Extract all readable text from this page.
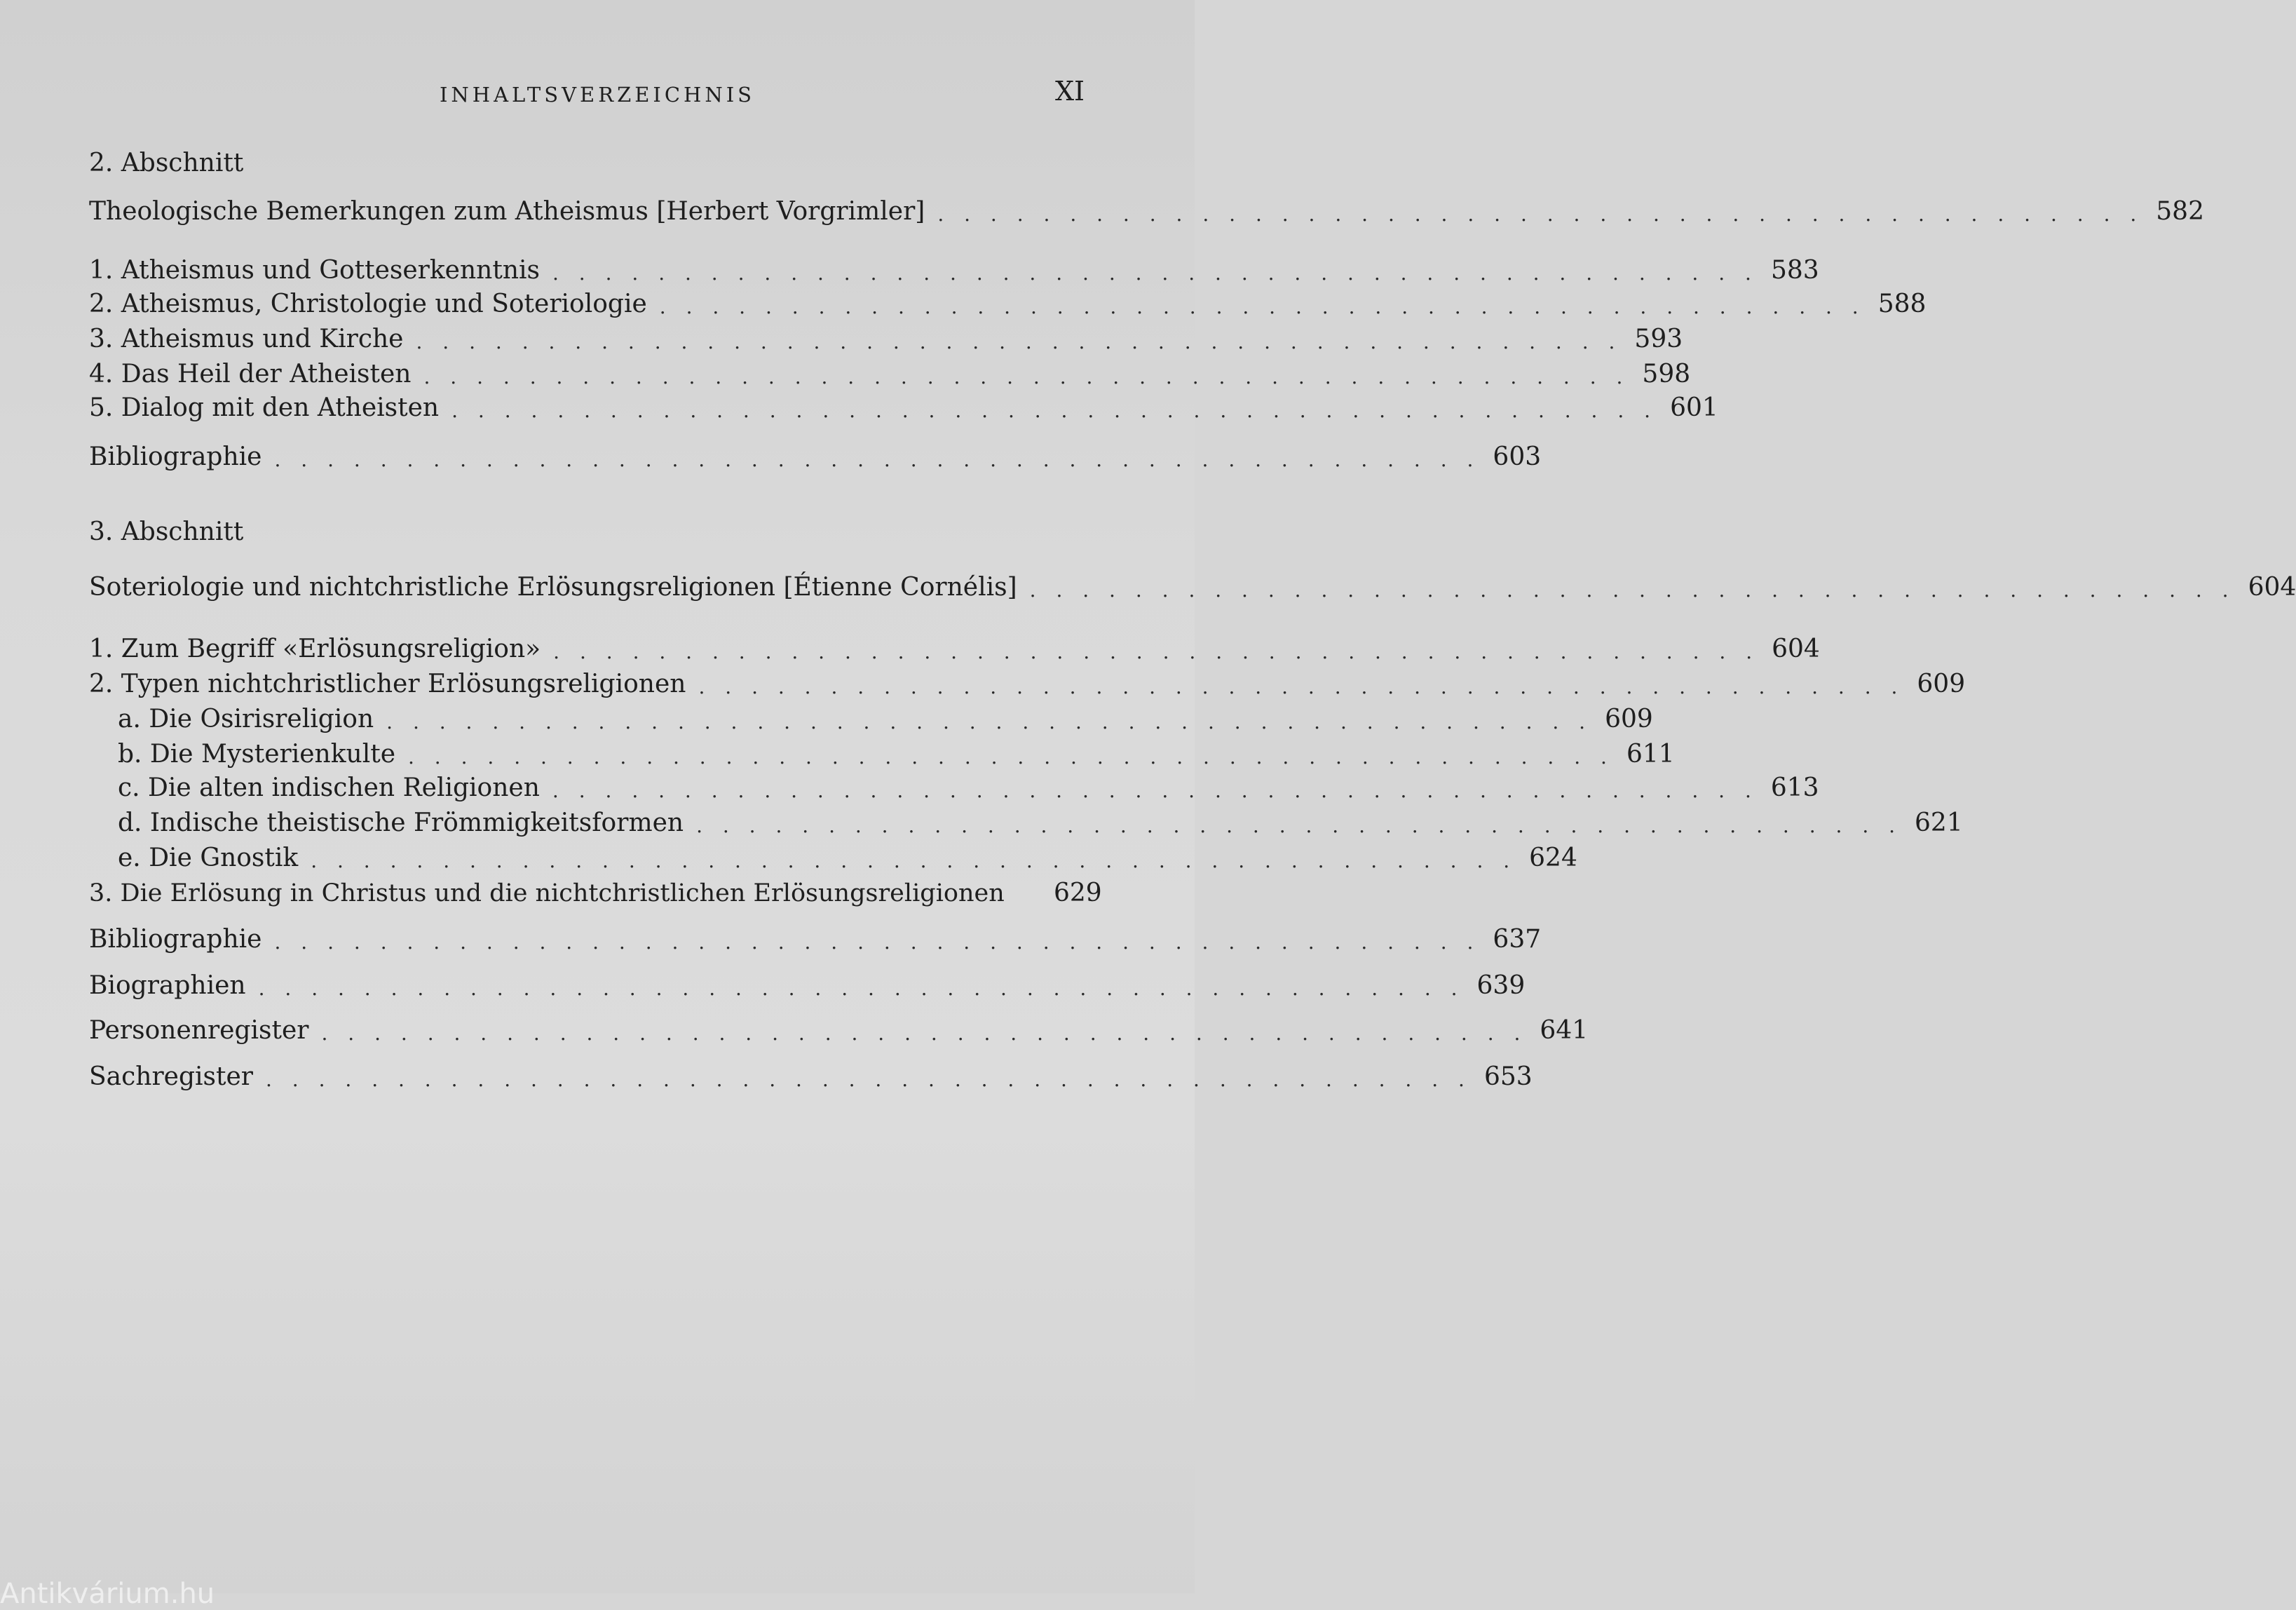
INHALTSVERZEICHNIS	XI
2. Abschnitt
Theologische Bemerkungen zum Atheismus [Herbert Vorgrimler] . . . . . . . . . . . . . . . . . . . . . . . . . . . . . . . . . . . . . . . . . . . . . . 582
1. Atheismus und Gotteserkenntnis . . . . . . . . . . . . . . . . . . . . . . . . . . . . . . . . . . . . . . . . . . . . . . 583
2. Atheismus, Christologie und Soteriologie . . . . . . . . . . . . . . . . . . . . . . . . . . . . . . . . . . . . . . . . . . . . . . 588
3. Atheismus und Kirche . . . . . . . . . . . . . . . . . . . . . . . . . . . . . . . . . . . . . . . . . . . . . . 593
4. Das Heil der Atheisten . . . . . . . . . . . . . . . . . . . . . . . . . . . . . . . . . . . . . . . . . . . . . . 598
5. Dialog mit den Atheisten . . . . . . . . . . . . . . . . . . . . . . . . . . . . . . . . . . . . . . . . . . . . . . 601
Bibliographie . . . . . . . . . . . . . . . . . . . . . . . . . . . . . . . . . . . . . . . . . . . . . . 603
3. Abschnitt
Soteriologie und nichtchristliche Erlösungsreligionen [Étienne Cornélis] . . . . . . . . . . . . . . . . . . . . . . . . . . . . . . . . . . . . . . . . . . . . . . 604
1. Zum Begriff «Erlösungsreligion» . . . . . . . . . . . . . . . . . . . . . . . . . . . . . . . . . . . . . . . . . . . . . . 604
2. Typen nichtchristlicher Erlösungsreligionen . . . . . . . . . . . . . . . . . . . . . . . . . . . . . . . . . . . . . . . . . . . . . . 609
a. Die Osirisreligion . . . . . . . . . . . . . . . . . . . . . . . . . . . . . . . . . . . . . . . . . . . . . . 609
b. Die Mysterienkulte . . . . . . . . . . . . . . . . . . . . . . . . . . . . . . . . . . . . . . . . . . . . . . 611
c. Die alten indischen Religionen . . . . . . . . . . . . . . . . . . . . . . . . . . . . . . . . . . . . . . . . . . . . . . 613
d. Indische theistische Frömmigkeitsformen . . . . . . . . . . . . . . . . . . . . . . . . . . . . . . . . . . . . . . . . . . . . . . 621
e. Die Gnostik . . . . . . . . . . . . . . . . . . . . . . . . . . . . . . . . . . . . . . . . . . . . . . 624
3. Die Erlösung in Christus und die nichtchristlichen Erlösungsreligionen 629
Bibliographie . . . . . . . . . . . . . . . . . . . . . . . . . . . . . . . . . . . . . . . . . . . . . . 637
Biographien . . . . . . . . . . . . . . . . . . . . . . . . . . . . . . . . . . . . . . . . . . . . . . 639
Personenregister . . . . . . . . . . . . . . . . . . . . . . . . . . . . . . . . . . . . . . . . . . . . . . 641
Sachregister . . . . . . . . . . . . . . . . . . . . . . . . . . . . . . . . . . . . . . . . . . . . . . 653
Antikvárium.hu
